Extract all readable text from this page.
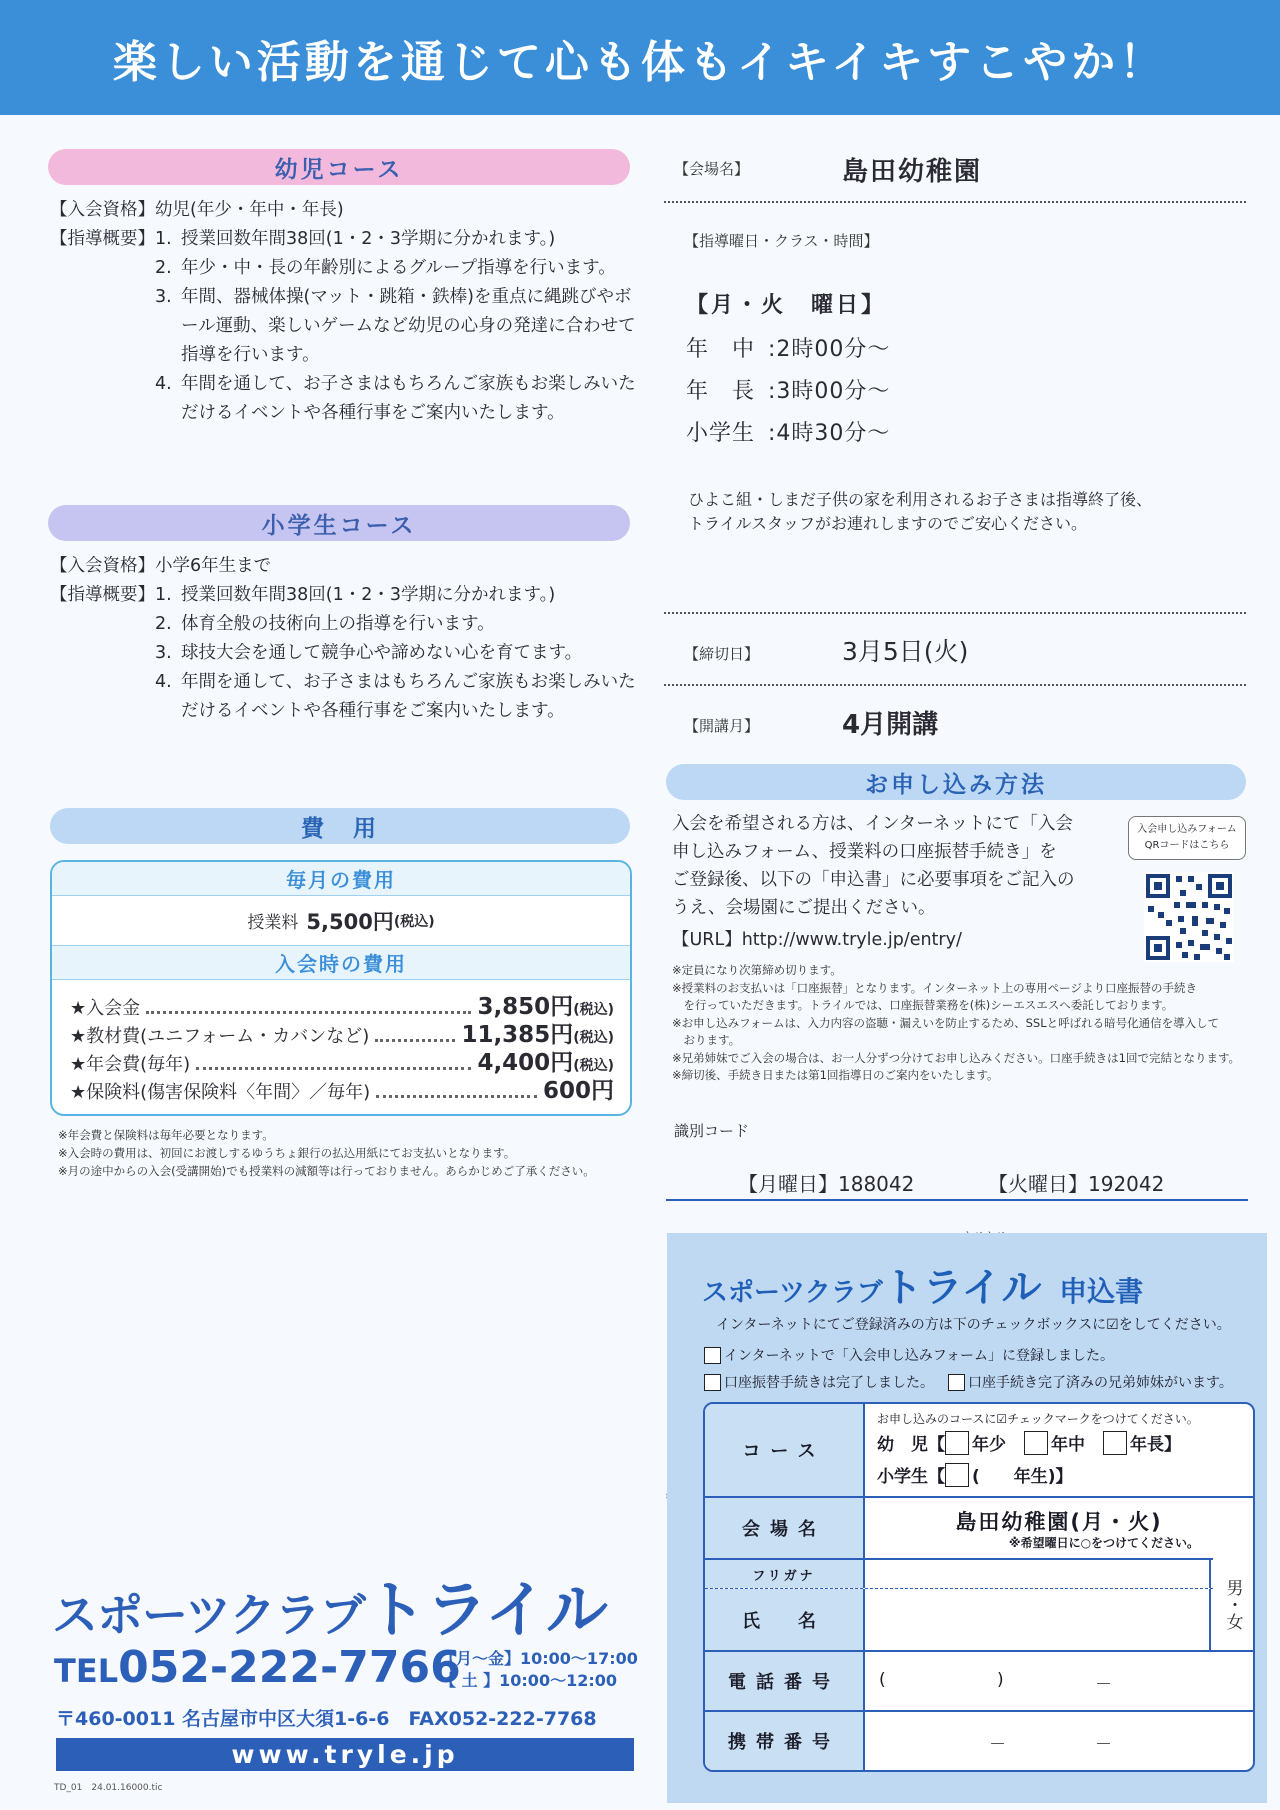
楽しい活動を通じて心も体もイキイキすこやか！
幼児コース
【入会資格】 幼児(年少・年中・年長)
【指導概要】 1. 授業回数年間38回(1・2・3学期に分かれます。)
2. 年少・中・長の年齢別によるグループ指導を行います。
3. 年間、器械体操(マット・跳箱・鉄棒)を重点に縄跳びやボール運動、楽しいゲームなど幼児の心身の発達に合わせて指導を行います。
4. 年間を通して、お子さまはもちろんご家族もお楽しみいただけるイベントや各種行事をご案内いたします。
小学生コース
【入会資格】 小学6年生まで
【指導概要】 1. 授業回数年間38回(1・2・3学期に分かれます。)
2. 体育全般の技術向上の指導を行います。
3. 球技大会を通して競争心や諦めない心を育てます。
4. 年間を通して、お子さまはもちろんご家族もお楽しみいただけるイベントや各種行事をご案内いたします。
費　用
毎月の費用
授業料 5,500円 (税込)
入会時の費用
★入会金	3,850円 (税込)
★教材費(ユニフォーム・カバンなど)	11,385円 (税込)
★年会費(毎年)	4,400円 (税込)
★保険料(傷害保険料〈年間〉／毎年)	600円
※年会費と保険料は毎年必要となります。
※入会時の費用は、初回にお渡しするゆうちょ銀行の払込用紙にてお支払いとなります。
※月の途中からの入会(受講開始)でも授業料の減額等は行っておりません。あらかじめご了承ください。
スポーツクラブトライル
TEL052-222-7766
【月～金】10:00～17:00
【 土 】10:00～12:00
〒460-0011 名古屋市中区大須1-6-6　FAX052-222-7768
www.tryle.jp
TD_01　24.01.16000.tic
【会場名】	島田幼稚園
【指導曜日・クラス・時間】
【月・火　曜日】
年　中 :2時00分～
年　長 :3時00分～
小学生 :4時30分～
ひよこ組・しまだ子供の家を利用されるお子さまは指導終了後、
トライルスタッフがお連れしますのでご安心ください。
【締切日】	3月5日(火)
【開講月】	4月開講
お申し込み方法
入会を希望される方は、インターネットにて「入会
申し込みフォーム、授業料の口座振替手続き」を
ご登録後、以下の「申込書」に必要事項をご記入の
うえ、会場園にご提出ください。
【URL】http://www.tryle.jp/entry/
入会申し込みフォーム
QRコードはこちら
※定員になり次第締め切ります。
※授業料のお支払いは「口座振替」となります。インターネット上の専用ページより口座振替の手続き
　を行っていただきます。トライルでは、口座振替業務を(株)シーエスエスへ委託しております。
※お申し込みフォームは、入力内容の盗聴・漏えいを防止するため、SSLと呼ばれる暗号化通信を導入して
　おります。
※兄弟姉妹でご入会の場合は、お一人分ずつ分けてお申し込みください。口座手続きは1回で完結となります。
※締切後、手続き日または第1回指導日のご案内をいたします。
識別コード
【月曜日】188042	【火曜日】192042
スポーツクラブトライル 申込書
インターネットにてご登録済みの方は下のチェックボックスに☑をしてください。
インターネットで「入会申し込みフォーム」に登録しました。
口座振替手続きは完了しました。 口座手続き完了済みの兄弟姉妹がいます。
コース
お申し込みのコースに☑チェックマークをつけてください。
幼　児【 年少	年中	年長】
小学生【 (　　年生)】
会場名	島田幼稚園(月・火)
※希望曜日に○をつけてください。
フリガナ
氏　名	男・女
電話番号	(	)	－
携帯番号	－	－
